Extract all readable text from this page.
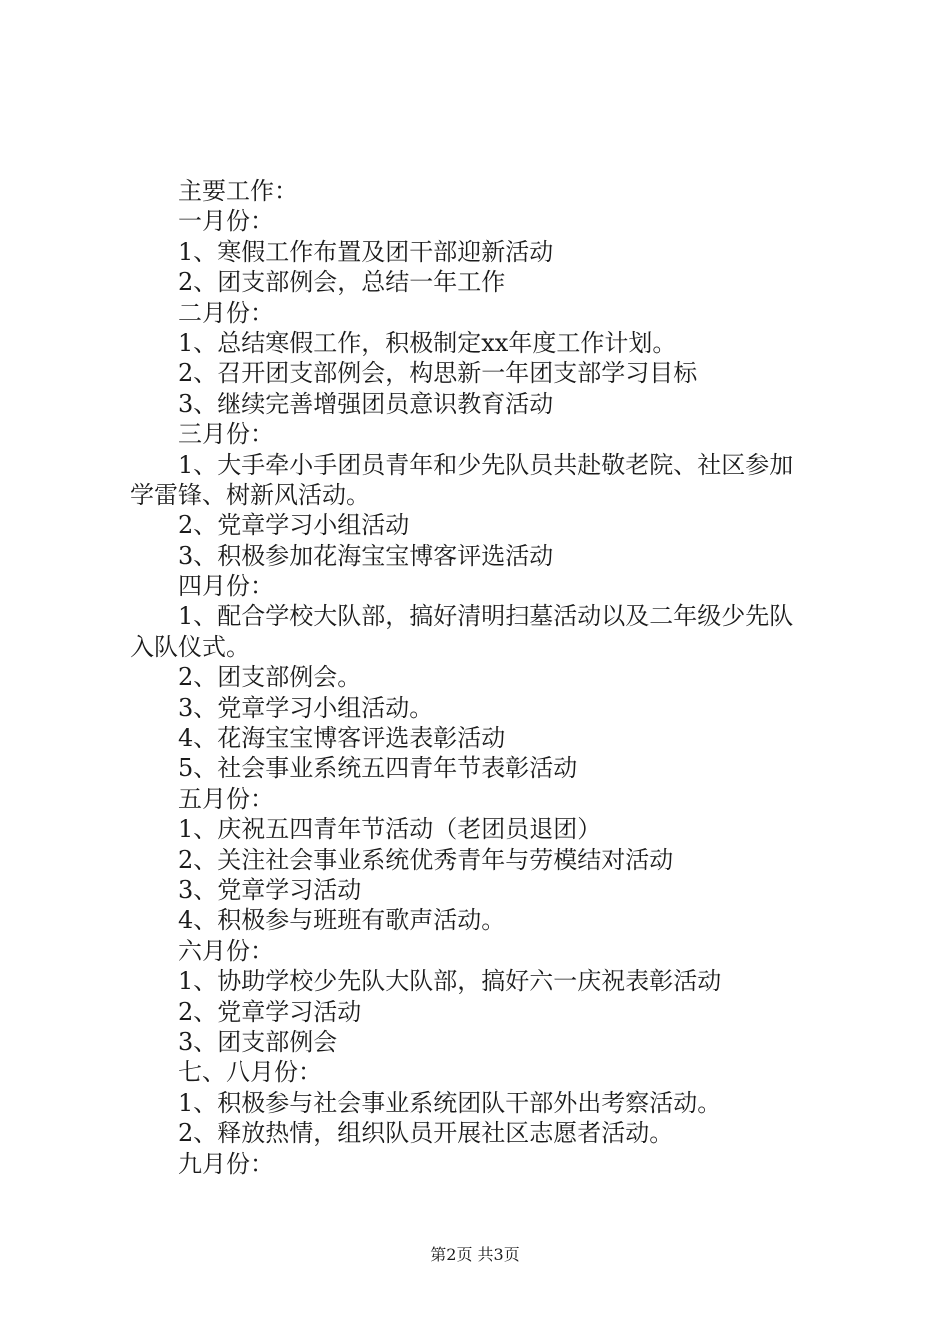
主要工作：

一月份：

1、寒假工作布置及团干部迎新活动

2、团支部例会，总结一年工作

二月份：

1、总结寒假工作，积极制定xx年度工作计划。

2、召开团支部例会，构思新一年团支部学习目标

3、继续完善增强团员意识教育活动

三月份：

1、大手牵小手团员青年和少先队员共赴敬老院、社区参加

学雷锋、树新风活动。

2、党章学习小组活动

3、积极参加花海宝宝博客评选活动

四月份：

1、配合学校大队部，搞好清明扫墓活动以及二年级少先队

入队仪式。

2、团支部例会。

3、党章学习小组活动。

4、花海宝宝博客评选表彰活动

5、社会事业系统五四青年节表彰活动

五月份：

1、庆祝五四青年节活动（老团员退团）

2、关注社会事业系统优秀青年与劳模结对活动

3、党章学习活动

4、积极参与班班有歌声活动。

六月份：

1、协助学校少先队大队部，搞好六一庆祝表彰活动

2、党章学习活动

3、团支部例会

七、八月份：

1、积极参与社会事业系统团队干部外出考察活动。

2、释放热情，组织队员开展社区志愿者活动。

九月份：

第2页 共3页
